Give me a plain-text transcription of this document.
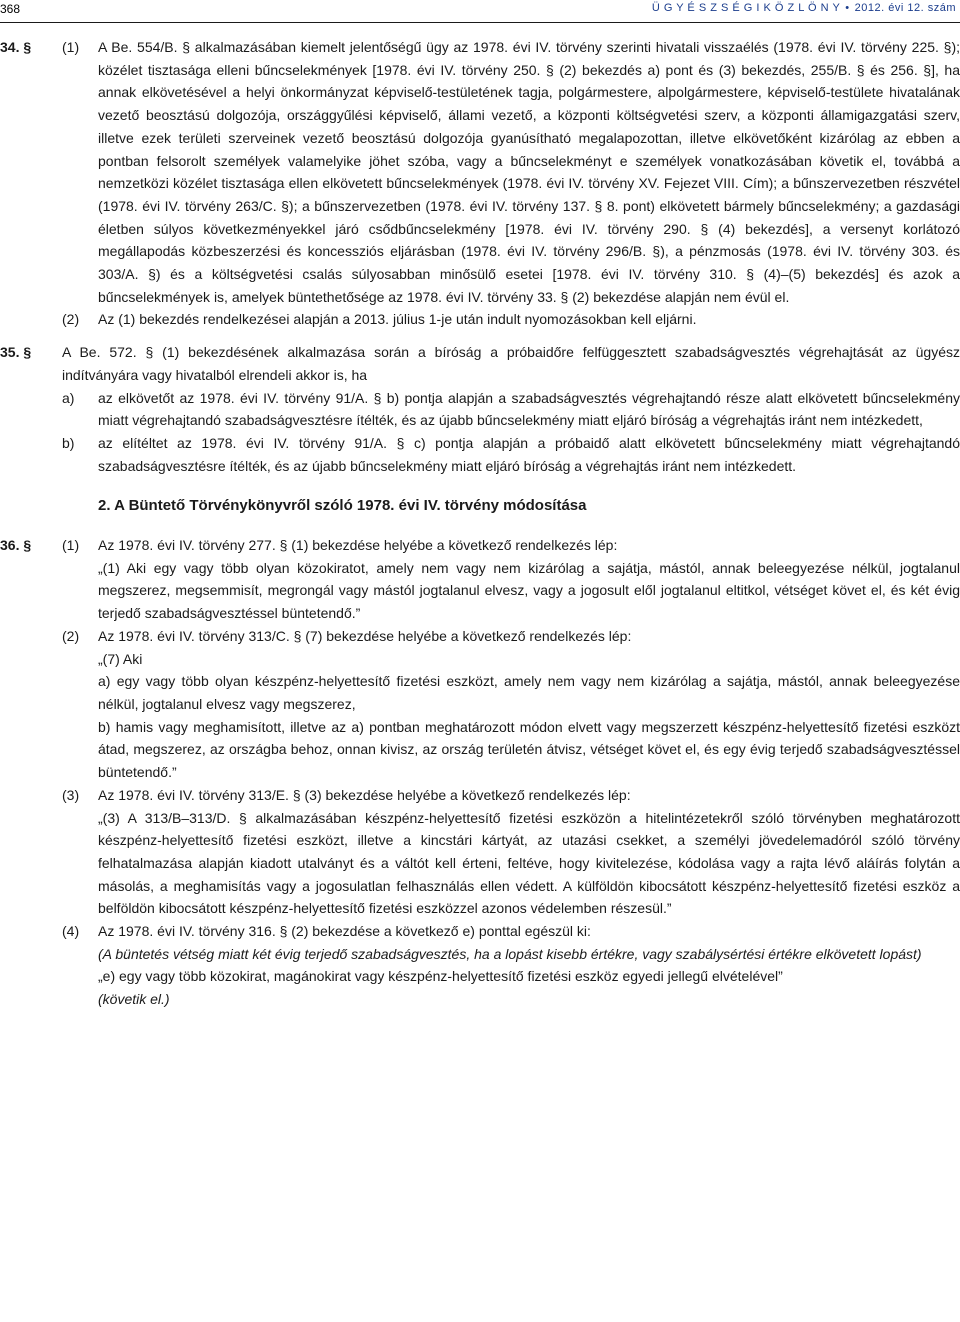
368	Ü G Y É S Z S É G I K Ö Z L Ö N Y • 2012. évi 12. szám
34. §	(1)	A Be. 554/B. § alkalmazásában kiemelt jelentőségű ügy az 1978. évi IV. törvény szerinti hivatali visszaélés (1978. évi IV. törvény 225. §); közélet tisztasága elleni bűncselekmények [1978. évi IV. törvény 250. § (2) bekezdés a) pont és (3) bekezdés, 255/B. § és 256. §], ha annak elkövetésével a helyi önkormányzat képviselő-testületének tagja, polgármestere, alpolgármestere, képviselő-testülete hivatalának vezető beosztású dolgozója, országgyűlési képviselő, állami vezető, a központi költségvetési szerv, a központi államigazgatási szerv, illetve ezek területi szerveinek vezető beosztású dolgozója gyanúsítható megalapozottan, illetve elkövetőként kizárólag az ebben a pontban felsorolt személyek valamelyike jöhet szóba, vagy a bűncselekményt e személyek vonatkozásában követik el, továbbá a nemzetközi közélet tisztasága ellen elkövetett bűncselekmények (1978. évi IV. törvény XV. Fejezet VIII. Cím); a bűnszervezetben részvétel (1978. évi IV. törvény 263/C. §); a bűnszervezetben (1978. évi IV. törvény 137. § 8. pont) elkövetett bármely bűncselekmény; a gazdasági életben súlyos következményekkel járó csődbűncselekmény [1978. évi IV. törvény 290. § (4) bekezdés], a versenyt korlátozó megállapodás közbeszerzési és koncessziós eljárásban (1978. évi IV. törvény 296/B. §), a pénzmosás (1978. évi IV. törvény 303. és 303/A. §) és a költségvetési csalás súlyosabban minősülő esetei [1978. évi IV. törvény 310. § (4)–(5) bekezdés] és azok a bűncselekmények is, amelyek büntethetősége az 1978. évi IV. törvény 33. § (2) bekezdése alapján nem évül el.
(2)	Az (1) bekezdés rendelkezései alapján a 2013. július 1-je után indult nyomozásokban kell eljárni.
35. §	A Be. 572. § (1) bekezdésének alkalmazása során a bíróság a próbaidőre felfüggesztett szabadságvesztés végrehajtását az ügyész indítványára vagy hivatalból elrendeli akkor is, ha
a)	az elkövetőt az 1978. évi IV. törvény 91/A. § b) pontja alapján a szabadságvesztés végrehajtandó része alatt elkövetett bűncselekmény miatt végrehajtandó szabadságvesztésre ítélték, és az újabb bűncselekmény miatt eljáró bíróság a végrehajtás iránt nem intézkedett,
b)	az elítéltet az 1978. évi IV. törvény 91/A. § c) pontja alapján a próbaidő alatt elkövetett bűncselekmény miatt végrehajtandó szabadságvesztésre ítélték, és az újabb bűncselekmény miatt eljáró bíróság a végrehajtás iránt nem intézkedett.
2. A Büntető Törvénykönyvről szóló 1978. évi IV. törvény módosítása
36. §	(1)	Az 1978. évi IV. törvény 277. § (1) bekezdése helyébe a következő rendelkezés lép:
„(1) Aki egy vagy több olyan közokiratot, amely nem vagy nem kizárólag a sajátja, mástól, annak beleegyezése nélkül, jogtalanul megszerez, megsemmisít, megrongál vagy mástól jogtalanul elvesz, vagy a jogosult elől jogtalanul eltitkol, vétséget követ el, és két évig terjedő szabadságvesztéssel büntetendő.”
(2)	Az 1978. évi IV. törvény 313/C. § (7) bekezdése helyébe a következő rendelkezés lép:
„(7) Aki
a) egy vagy több olyan készpénz-helyettesítő fizetési eszközt, amely nem vagy nem kizárólag a sajátja, mástól, annak beleegyezése nélkül, jogtalanul elvesz vagy megszerez,
b) hamis vagy meghamisított, illetve az a) pontban meghatározott módon elvett vagy megszerzett készpénz-helyettesítő fizetési eszközt átad, megszerez, az országba behoz, onnan kivisz, az ország területén átvisz, vétséget követ el, és egy évig terjedő szabadságvesztéssel büntetendő.”
(3)	Az 1978. évi IV. törvény 313/E. § (3) bekezdése helyébe a következő rendelkezés lép:
„(3) A 313/B–313/D. § alkalmazásában készpénz-helyettesítő fizetési eszközön a hitelintézetekről szóló törvényben meghatározott készpénz-helyettesítő fizetési eszközt, illetve a kincstári kártyát, az utazási csekket, a személyi jövedelemadóról szóló törvény felhatalmazása alapján kiadott utalványt és a váltót kell érteni, feltéve, hogy kivitelezése, kódolása vagy a rajta lévő aláírás folytán a másolás, a meghamisítás vagy a jogosulatlan felhasználás ellen védett. A külföldön kibocsátott készpénz-helyettesítő fizetési eszköz a belföldön kibocsátott készpénz-helyettesítő fizetési eszközzel azonos védelemben részesül.”
(4)	Az 1978. évi IV. törvény 316. § (2) bekezdése a következő e) ponttal egészül ki:
(A büntetés vétség miatt két évig terjedő szabadságvesztés, ha a lopást kisebb értékre, vagy szabálysértési értékre elkövetett lopást)
„e) egy vagy több közokirat, magánokirat vagy készpénz-helyettesítő fizetési eszköz egyedi jellegű elvételével”
(követik el.)
